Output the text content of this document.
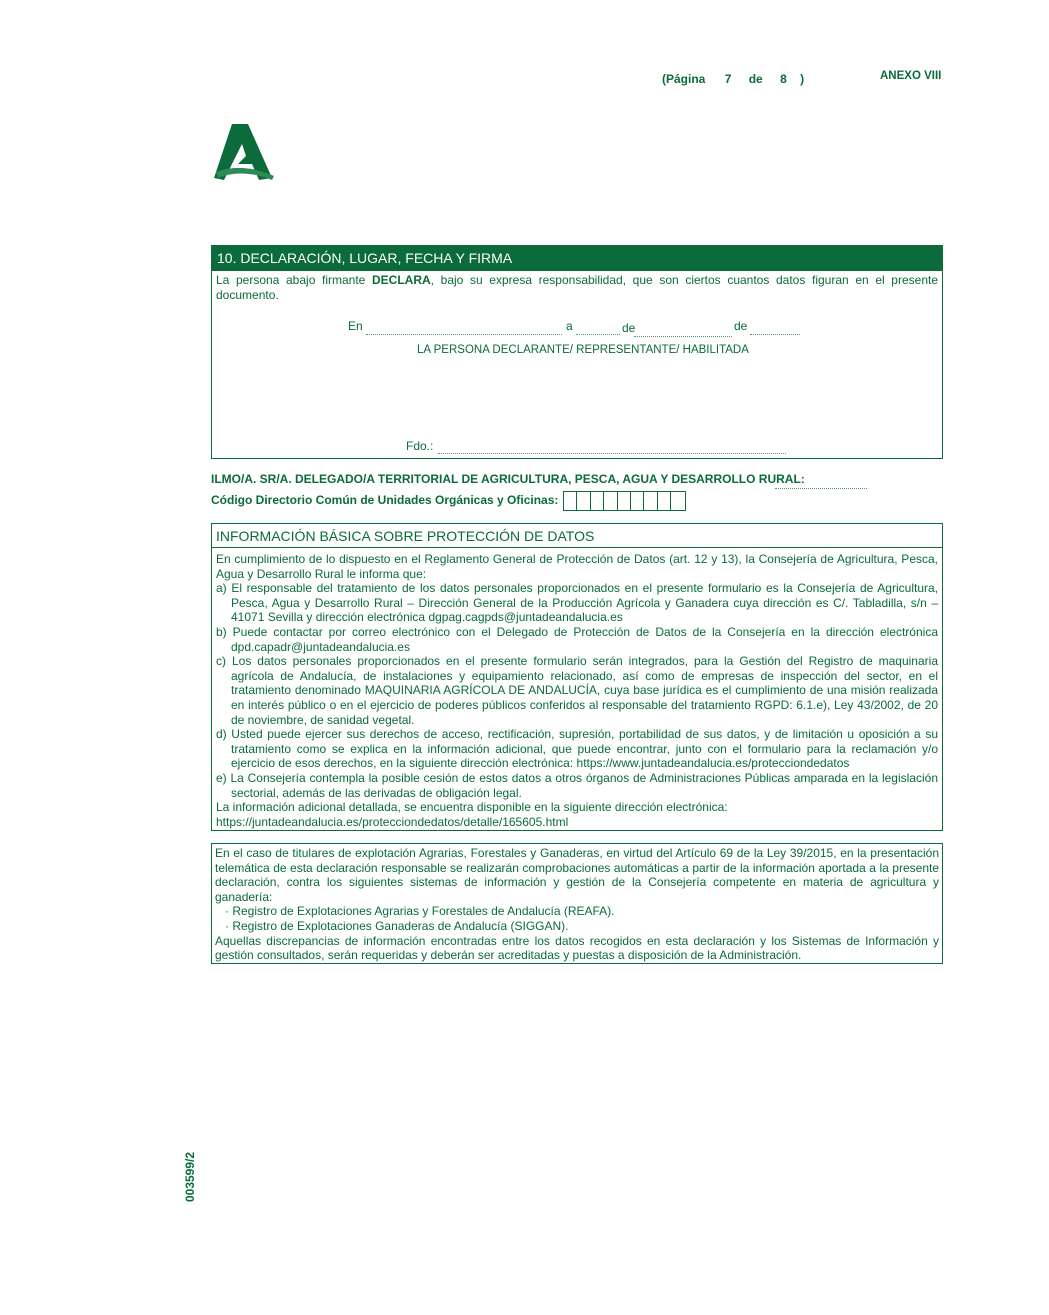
(Página 7 de 8 )	ANEXO VIII
10. DECLARACIÓN, LUGAR, FECHA Y FIRMA
La persona abajo firmante DECLARA, bajo su expresa responsabilidad, que son ciertos cuantos datos figuran en el presente documento.
En	a	de	de
LA PERSONA DECLARANTE/ REPRESENTANTE/ HABILITADA
Fdo.:
ILMO/A. SR/A. DELEGADO/A TERRITORIAL DE AGRICULTURA, PESCA, AGUA Y DESARROLLO RURAL:
Código Directorio Común de Unidades Orgánicas y Oficinas:
INFORMACIÓN BÁSICA SOBRE PROTECCIÓN DE DATOS
En cumplimiento de lo dispuesto en el Reglamento General de Protección de Datos (art. 12 y 13), la Consejería de Agricultura, Pesca, Agua y Desarrollo Rural le informa que:
a) El responsable del tratamiento de los datos personales proporcionados en el presente formulario es la Consejería de Agricultura, Pesca, Agua y Desarrollo Rural – Dirección General de la Producción Agrícola y Ganadera cuya dirección es C/. Tabladilla, s/n – 41071 Sevilla y dirección electrónica dgpag.cagpds@juntadeandalucia.es
b) Puede contactar por correo electrónico con el Delegado de Protección de Datos de la Consejería en la dirección electrónica dpd.capadr@juntadeandalucia.es
c) Los datos personales proporcionados en el presente formulario serán integrados, para la Gestión del Registro de maquinaria agrícola de Andalucía, de instalaciones y equipamiento relacionado, así como de empresas de inspección del sector, en el tratamiento denominado MAQUINARIA AGRÍCOLA DE ANDALUCÍA, cuya base jurídica es el cumplimiento de una misión realizada en interés público o en el ejercicio de poderes públicos conferidos al responsable del tratamiento RGPD: 6.1.e), Ley 43/2002, de 20 de noviembre, de sanidad vegetal.
d) Usted puede ejercer sus derechos de acceso, rectificación, supresión, portabilidad de sus datos, y de limitación u oposición a su tratamiento como se explica en la información adicional, que puede encontrar, junto con el formulario para la reclamación y/o ejercicio de esos derechos, en la siguiente dirección electrónica: https://www.juntadeandalucia.es/protecciondedatos
e) La Consejería contempla la posible cesión de estos datos a otros órganos de Administraciones Públicas amparada en la legislación sectorial, además de las derivadas de obligación legal.
La información adicional detallada, se encuentra disponible en la siguiente dirección electrónica:
https://juntadeandalucia.es/protecciondedatos/detalle/165605.html
En el caso de titulares de explotación Agrarias, Forestales y Ganaderas, en virtud del Artículo 69 de la Ley 39/2015, en la presentación telemática de esta declaración responsable se realizarán comprobaciones automáticas a partir de la información aportada a la presente declaración, contra los siguientes sistemas de información y gestión de la Consejería competente en materia de agricultura y ganadería:
· Registro de Explotaciones Agrarias y Forestales de Andalucía (REAFA).
· Registro de Explotaciones Ganaderas de Andalucía (SIGGAN).
Aquellas discrepancias de información encontradas entre los datos recogidos en esta declaración y los Sistemas de Información y gestión consultados, serán requeridas y deberán ser acreditadas y puestas a disposición de la Administración.
003599/2
